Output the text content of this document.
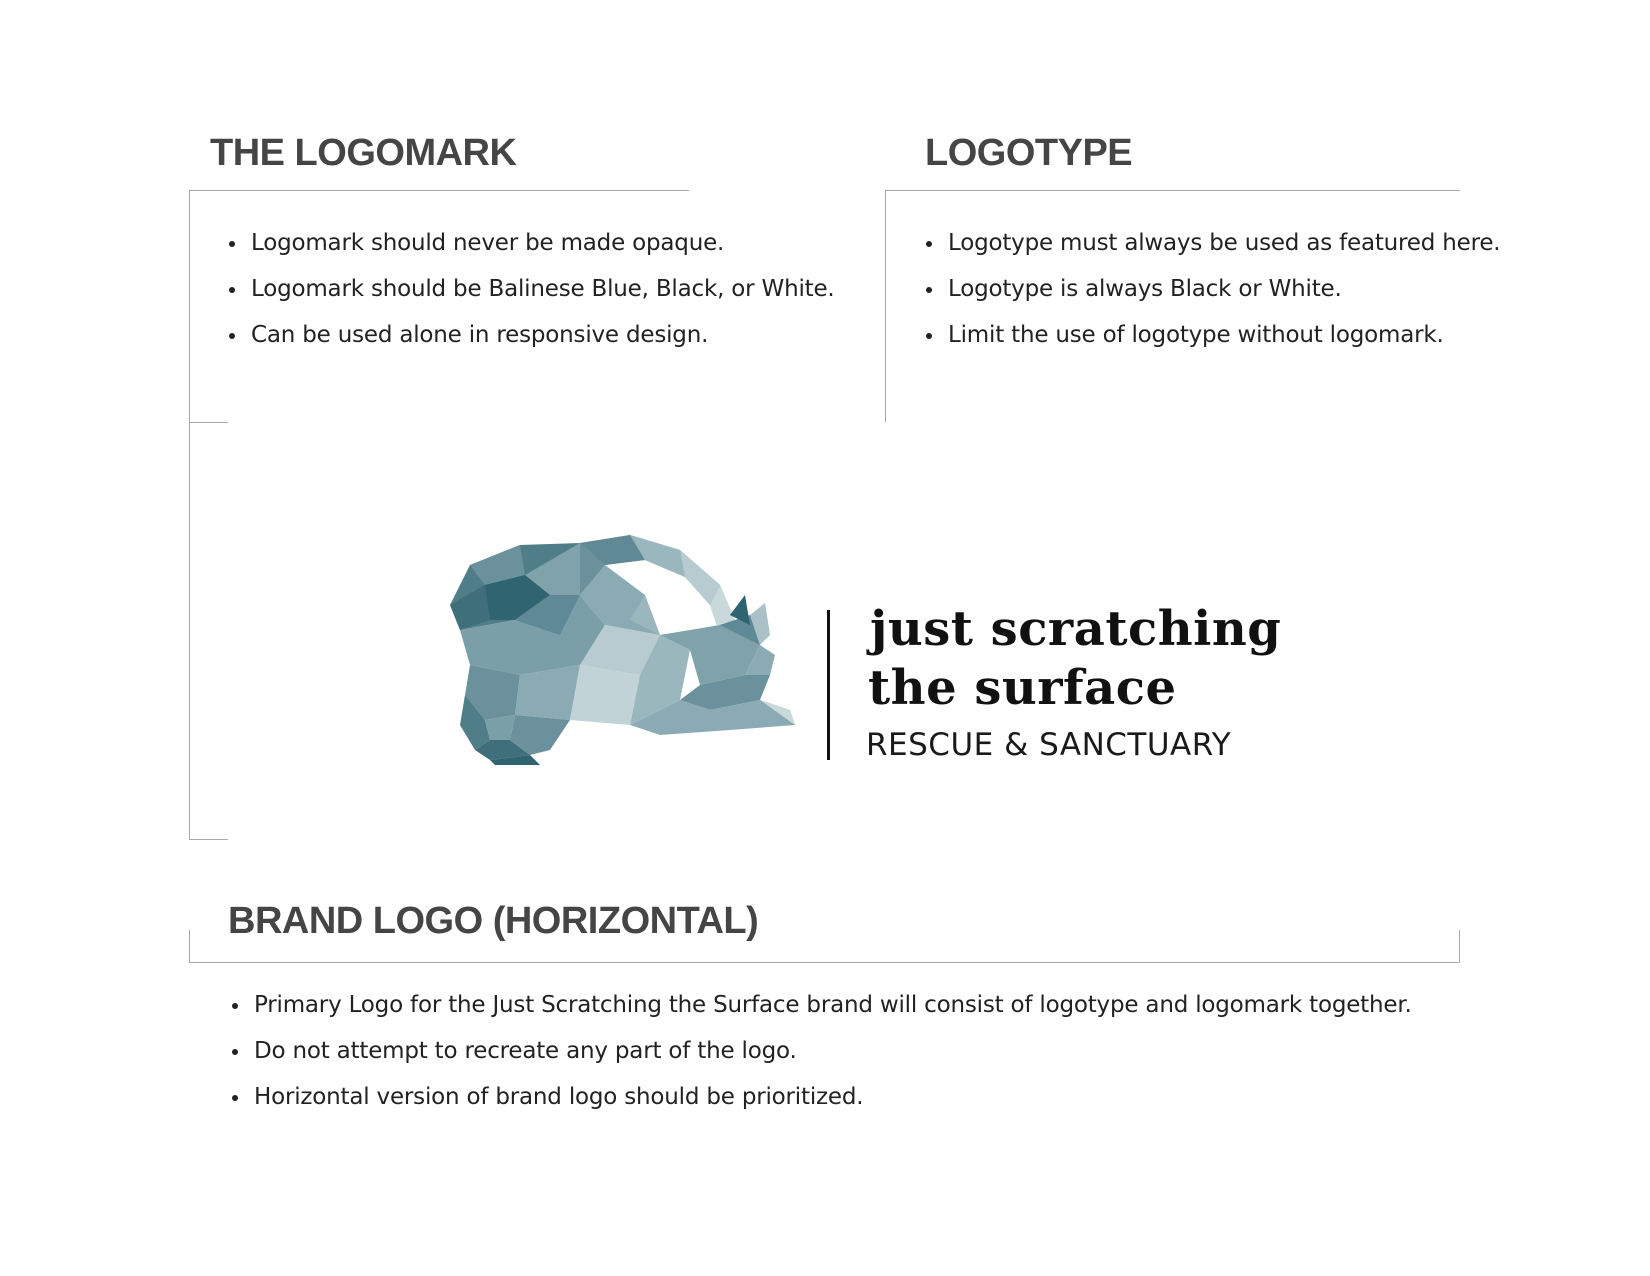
THE LOGOMARK
Logomark should never be made opaque.
Logomark should be Balinese Blue, Black, or White.
Can be used alone in responsive design.
LOGOTYPE
Logotype must always be used as featured here.
Logotype is always Black or White.
Limit the use of logotype without logomark.
just scratching
the surface
RESCUE & SANCTUARY
BRAND LOGO (HORIZONTAL)
Primary Logo for the Just Scratching the Surface brand will consist of logotype and logomark together.
Do not attempt to recreate any part of the logo.
Horizontal version of brand logo should be prioritized.
